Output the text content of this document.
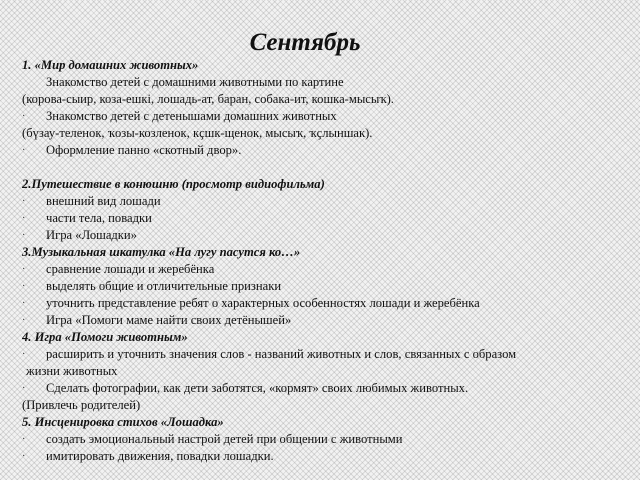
Сентябрь
1. «Мир домашних животных»
Знакомство детей с домашними животными по картине
(корова-сыир, коза-ешкі, лошадь-ат, баран, собака-ит, кошка-мысыҡ).
·	Знакомство детей с детенышами домашних животных
(бүзау-теленок, ҡозы-козленок, кҫшк-щенок, мысыҡ, ҡҫлыншак).
·	Оформление панно «скотный двор».
2.Путешествие в конюшню (просмотр видиофильма)
·	внешний вид лошади
·	части тела, повадки
·	Игра «Лошадки»
3.Музыкальная шкатулка «На лугу пасутся ко…»
·	сравнение лошади и жеребёнка
·	выделять общие и отличительные признаки
·	уточнить представление ребят о характерных особенностях лошади и жеребёнка
·	Игра «Помоги маме найти своих детёнышей»
4. Игра «Помоги животным»
·	расширить и уточнить значения слов - названий животных и слов, связанных с образом
жизни животных
·	Сделать фотографии, как дети заботятся, «кормят» своих любимых животных.
(Привлечь родителей)
5. Инсценировка стихов «Лошадка»
·	создать эмоциональный настрой детей при общении с животными
·	имитировать движения, повадки лошадки.
